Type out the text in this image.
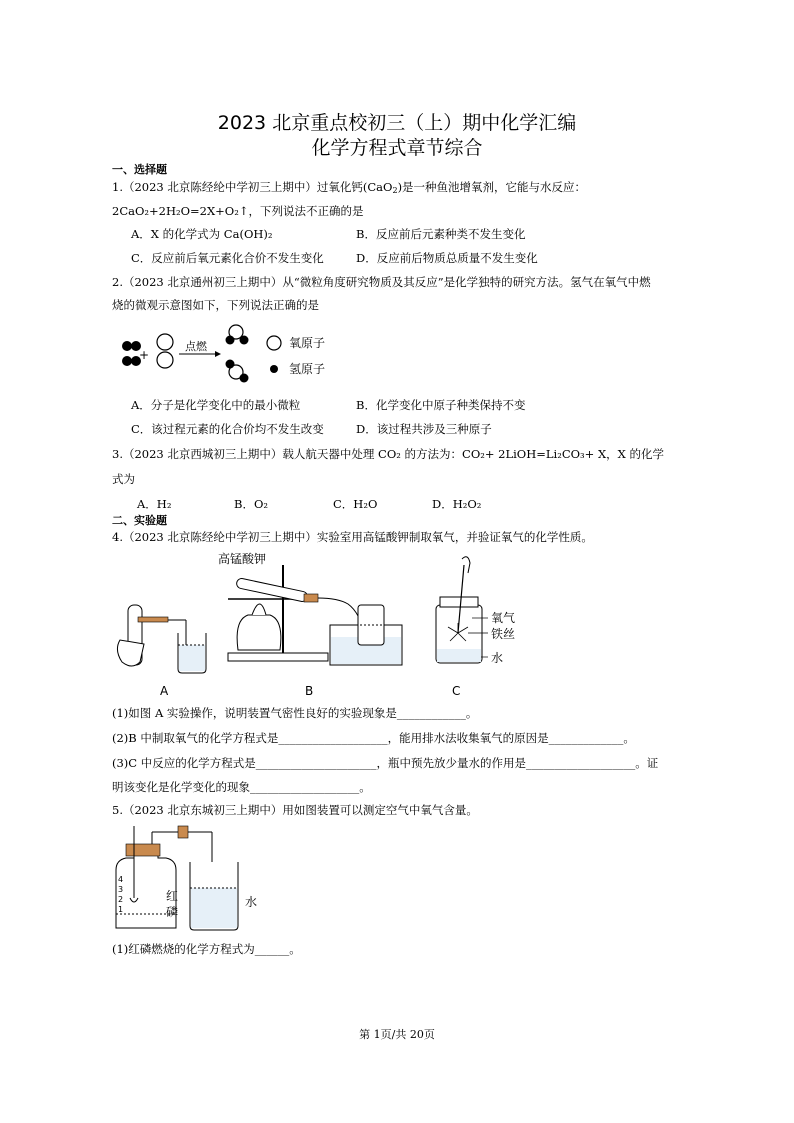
2023 北京重点校初三（上）期中化学汇编
化学方程式章节综合
一、选择题
1.（2023 北京陈经纶中学初三上期中）过氧化钙(CaO$_2$)是一种鱼池增氧剂，它能与水反应：
2CaO₂+2H₂O=2X+O₂↑，下列说法不正确的是
A．X 的化学式为 Ca(OH)₂	B．反应前后元素种类不发生变化
C．反应前后氧元素化合价不发生变化	D．反应前后物质总质量不发生变化
2.（2023 北京通州初三上期中）从“微粒角度研究物质及其反应”是化学独特的研究方法。氢气在氧气中燃
烧的微观示意图如下，下列说法正确的是
+
点燃	氧原子
氢原子
A．分子是化学变化中的最小微粒	B．化学变化中原子种类保持不变
C．该过程元素的化合价均不发生改变	D．该过程共涉及三种原子
3.（2023 北京西城初三上期中）载人航天器中处理 CO₂ 的方法为：CO₂+ 2LiOH=Li₂CO₃+ X，X 的化学
式为
A．H₂	B．O₂	C．H₂O	D．H₂O₂
二、实验题
4.（2023 北京陈经纶中学初三上期中）实验室用高锰酸钾制取氧气，并验证氧气的化学性质。
A
高锰酸钾
B
氧气
铁丝
水
C
(1)如图 A 实验操作，说明装置气密性良好的实验现象是____________。
(2)B 中制取氧气的化学方程式是___________________，能用排水法收集氧气的原因是_____________。
(3)C 中反应的化学方程式是_____________________，瓶中预先放少量水的作用是___________________。证
明该变化是化学变化的现象___________________。
5.（2023 北京东城初三上期中）用如图装置可以测定空气中氧气含量。
4
3
2
1
红
磷
水
(1)红磷燃烧的化学方程式为______。
第 1页/共 20页
